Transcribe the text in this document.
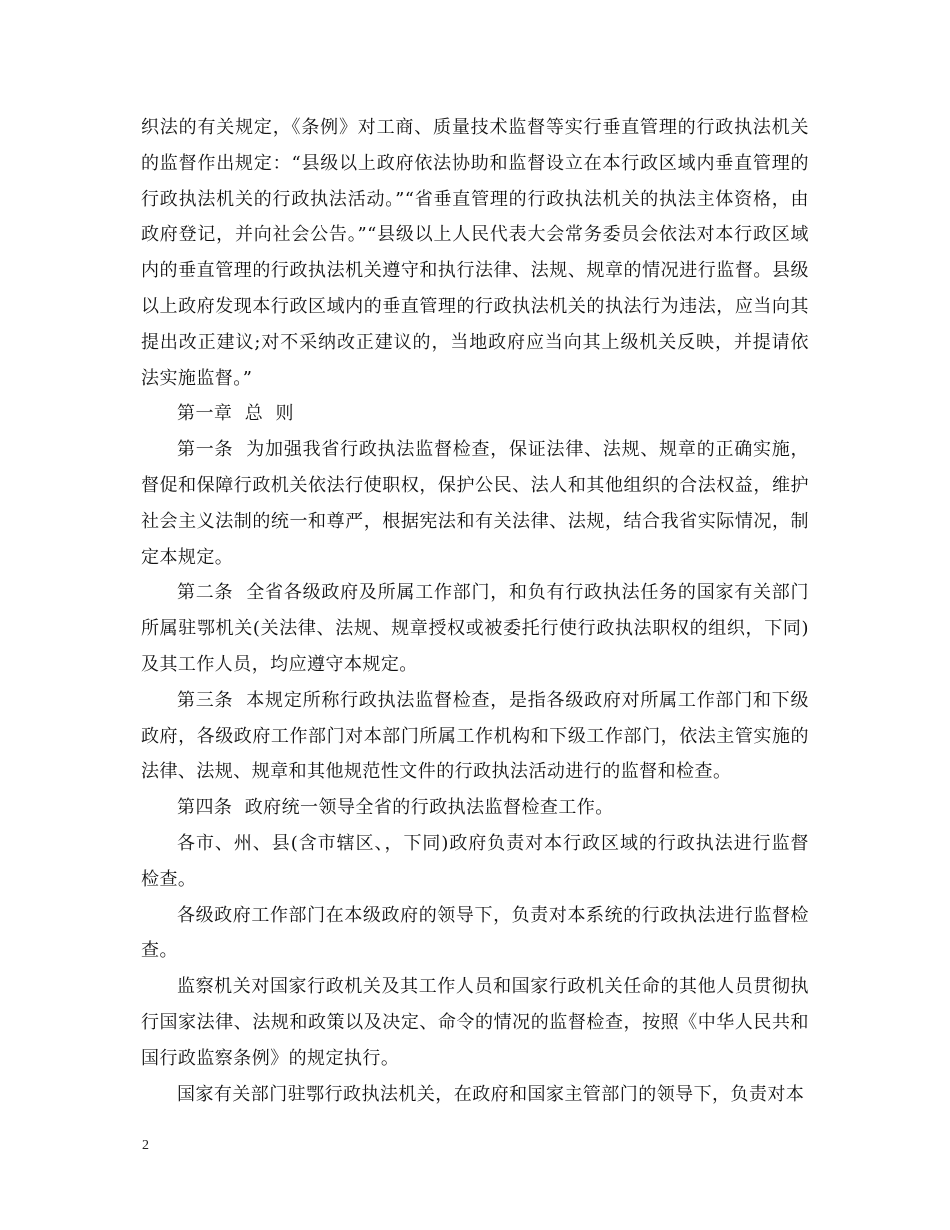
织法的有关规定，《条例》对工商、质量技术监督等实行垂直管理的行政执法机关的监督作出规定：“县级以上政府依法协助和监督设立在本行政区域内垂直管理的行政执法机关的行政执法活动。”“省垂直管理的行政执法机关的执法主体资格，由政府登记，并向社会公告。”“县级以上人民代表大会常务委员会依法对本行政区域内的垂直管理的行政执法机关遵守和执行法律、法规、规章的情况进行监督。县级以上政府发现本行政区域内的垂直管理的行政执法机关的执法行为违法，应当向其提出改正建议;对不采纳改正建议的，当地政府应当向其上级机关反映，并提请依法实施监督。”

第一章  总  则

第一条  为加强我省行政执法监督检查，保证法律、法规、规章的正确实施，督促和保障行政机关依法行使职权，保护公民、法人和其他组织的合法权益，维护社会主义法制的统一和尊严，根据宪法和有关法律、法规，结合我省实际情况，制定本规定。

第二条  全省各级政府及所属工作部门，和负有行政执法任务的国家有关部门所属驻鄂机关(关法律、法规、规章授权或被委托行使行政执法职权的组织，下同)及其工作人员，均应遵守本规定。

第三条  本规定所称行政执法监督检查，是指各级政府对所属工作部门和下级政府，各级政府工作部门对本部门所属工作机构和下级工作部门，依法主管实施的法律、法规、规章和其他规范性文件的行政执法活动进行的监督和检查。

第四条  政府统一领导全省的行政执法监督检查工作。

各市、州、县(含市辖区、，下同)政府负责对本行政区域的行政执法进行监督检查。

各级政府工作部门在本级政府的领导下，负责对本系统的行政执法进行监督检查。

监察机关对国家行政机关及其工作人员和国家行政机关任命的其他人员贯彻执行国家法律、法规和政策以及决定、命令的情况的监督检查，按照《中华人民共和国行政监察条例》的规定执行。

国家有关部门驻鄂行政执法机关，在政府和国家主管部门的领导下，负责对本

2
